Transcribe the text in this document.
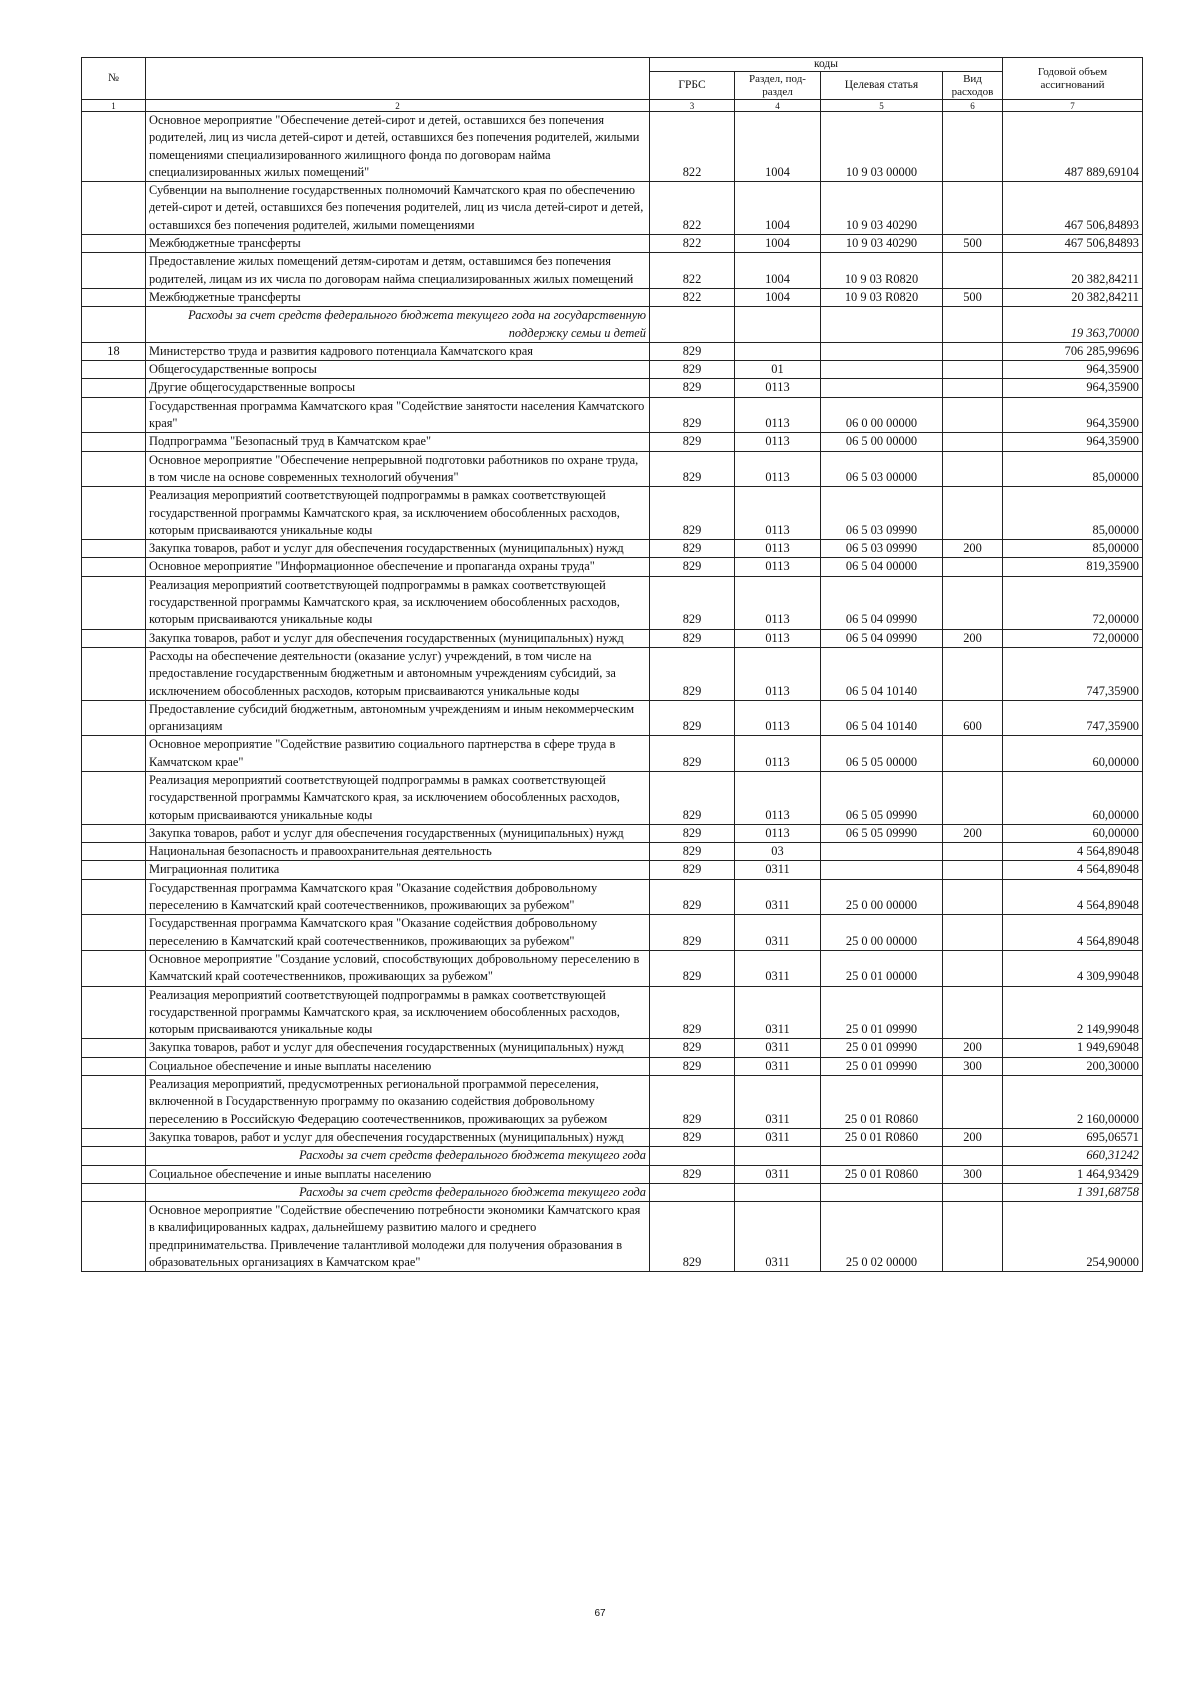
№		коды				Годовой объем ассигнований
		ГРБС	Раздел, под-раздел	Целевая статья	Вид расходов	
1	2	3	4	5	6	7
	Основное мероприятие "Обеспечение детей-сирот и детей, оставшихся без попечения родителей, лиц из числа детей-сирот и детей, оставшихся без попечения родителей, жилыми помещениями специализированного жилищного фонда по договорам найма специализированных жилых помещений"	822	1004	10 9 03 00000		487 889,69104
	Субвенции на выполнение государственных полномочий Камчатского края по обеспечению детей-сирот и детей, оставшихся без попечения родителей, лиц из числа детей-сирот и детей, оставшихся без попечения родителей, жилыми помещениями	822	1004	10 9 03 40290		467 506,84893
	Межбюджетные трансферты	822	1004	10 9 03 40290	500	467 506,84893
	Предоставление жилых помещений детям-сиротам и детям, оставшимся без попечения родителей, лицам из их числа по договорам найма специализированных жилых помещений	822	1004	10 9 03 R0820		20 382,84211
	Межбюджетные трансферты	822	1004	10 9 03 R0820	500	20 382,84211
	Расходы за счет средств федерального бюджета текущего года на государственную поддержку семьи и детей					19 363,70000
18	Министерство труда и развития кадрового потенциала Камчатского края	829				706 285,99696
	Общегосударственные вопросы	829	01			964,35900
	Другие общегосударственные вопросы	829	0113			964,35900
	Государственная программа Камчатского края "Содействие занятости населения Камчатского края"	829	0113	06 0 00 00000		964,35900
	Подпрограмма "Безопасный труд в Камчатском крае"	829	0113	06 5 00 00000		964,35900
	Основное мероприятие "Обеспечение непрерывной подготовки работников по охране труда, в том числе на основе современных технологий обучения"	829	0113	06 5 03 00000		85,00000
	Реализация мероприятий соответствующей подпрограммы в рамках соответствующей государственной программы Камчатского края, за исключением обособленных расходов, которым присваиваются уникальные коды	829	0113	06 5 03 09990		85,00000
	Закупка товаров, работ и услуг для обеспечения государственных (муниципальных) нужд	829	0113	06 5 03 09990	200	85,00000
	Основное мероприятие "Информационное обеспечение и пропаганда охраны труда"	829	0113	06 5 04 00000		819,35900
	Реализация мероприятий соответствующей подпрограммы в рамках соответствующей государственной программы Камчатского края, за исключением обособленных расходов, которым присваиваются уникальные коды	829	0113	06 5 04 09990		72,00000
	Закупка товаров, работ и услуг для обеспечения государственных (муниципальных) нужд	829	0113	06 5 04 09990	200	72,00000
	Расходы на обеспечение деятельности (оказание услуг) учреждений, в том числе на предоставление государственным бюджетным и автономным учреждениям субсидий, за исключением обособленных расходов, которым присваиваются уникальные коды	829	0113	06 5 04 10140		747,35900
	Предоставление субсидий бюджетным, автономным учреждениям и иным некоммерческим организациям	829	0113	06 5 04 10140	600	747,35900
	Основное мероприятие "Содействие развитию социального партнерства в сфере труда в Камчатском крае"	829	0113	06 5 05 00000		60,00000
	Реализация мероприятий соответствующей подпрограммы в рамках соответствующей государственной программы Камчатского края, за исключением обособленных расходов, которым присваиваются уникальные коды	829	0113	06 5 05 09990		60,00000
	Закупка товаров, работ и услуг для обеспечения государственных (муниципальных) нужд	829	0113	06 5 05 09990	200	60,00000
	Национальная безопасность и правоохранительная деятельность	829	03			4 564,89048
	Миграционная политика	829	0311			4 564,89048
	Государственная программа Камчатского края "Оказание содействия добровольному переселению в Камчатский край соотечественников, проживающих за рубежом"	829	0311	25 0 00 00000		4 564,89048
	Государственная программа Камчатского края "Оказание содействия добровольному переселению в Камчатский край соотечественников, проживающих за рубежом"	829	0311	25 0 00 00000		4 564,89048
	Основное мероприятие "Создание условий, способствующих добровольному переселению в Камчатский край соотечественников, проживающих за рубежом"	829	0311	25 0 01 00000		4 309,99048
	Реализация мероприятий соответствующей подпрограммы в рамках соответствующей государственной программы Камчатского края, за исключением обособленных расходов, которым присваиваются уникальные коды	829	0311	25 0 01 09990		2 149,99048
	Закупка товаров, работ и услуг для обеспечения государственных (муниципальных) нужд	829	0311	25 0 01 09990	200	1 949,69048
	Социальное обеспечение и иные выплаты населению	829	0311	25 0 01 09990	300	200,30000
	Реализация мероприятий, предусмотренных региональной программой переселения, включенной в Государственную программу по оказанию содействия добровольному переселению в Российскую Федерацию соотечественников, проживающих за рубежом	829	0311	25 0 01 R0860		2 160,00000
	Закупка товаров, работ и услуг для обеспечения государственных (муниципальных) нужд	829	0311	25 0 01 R0860	200	695,06571
	Расходы за счет средств федерального бюджета текущего года					660,31242
	Социальное обеспечение и иные выплаты населению	829	0311	25 0 01 R0860	300	1 464,93429
	Расходы за счет средств федерального бюджета текущего года					1 391,68758
	Основное мероприятие "Содействие обеспечению потребности экономики Камчатского края в квалифицированных кадрах, дальнейшему развитию малого и среднего предпринимательства. Привлечение талантливой молодежи для получения образования в образовательных организациях в Камчатском крае"	829	0311	25 0 02 00000		254,90000
67
